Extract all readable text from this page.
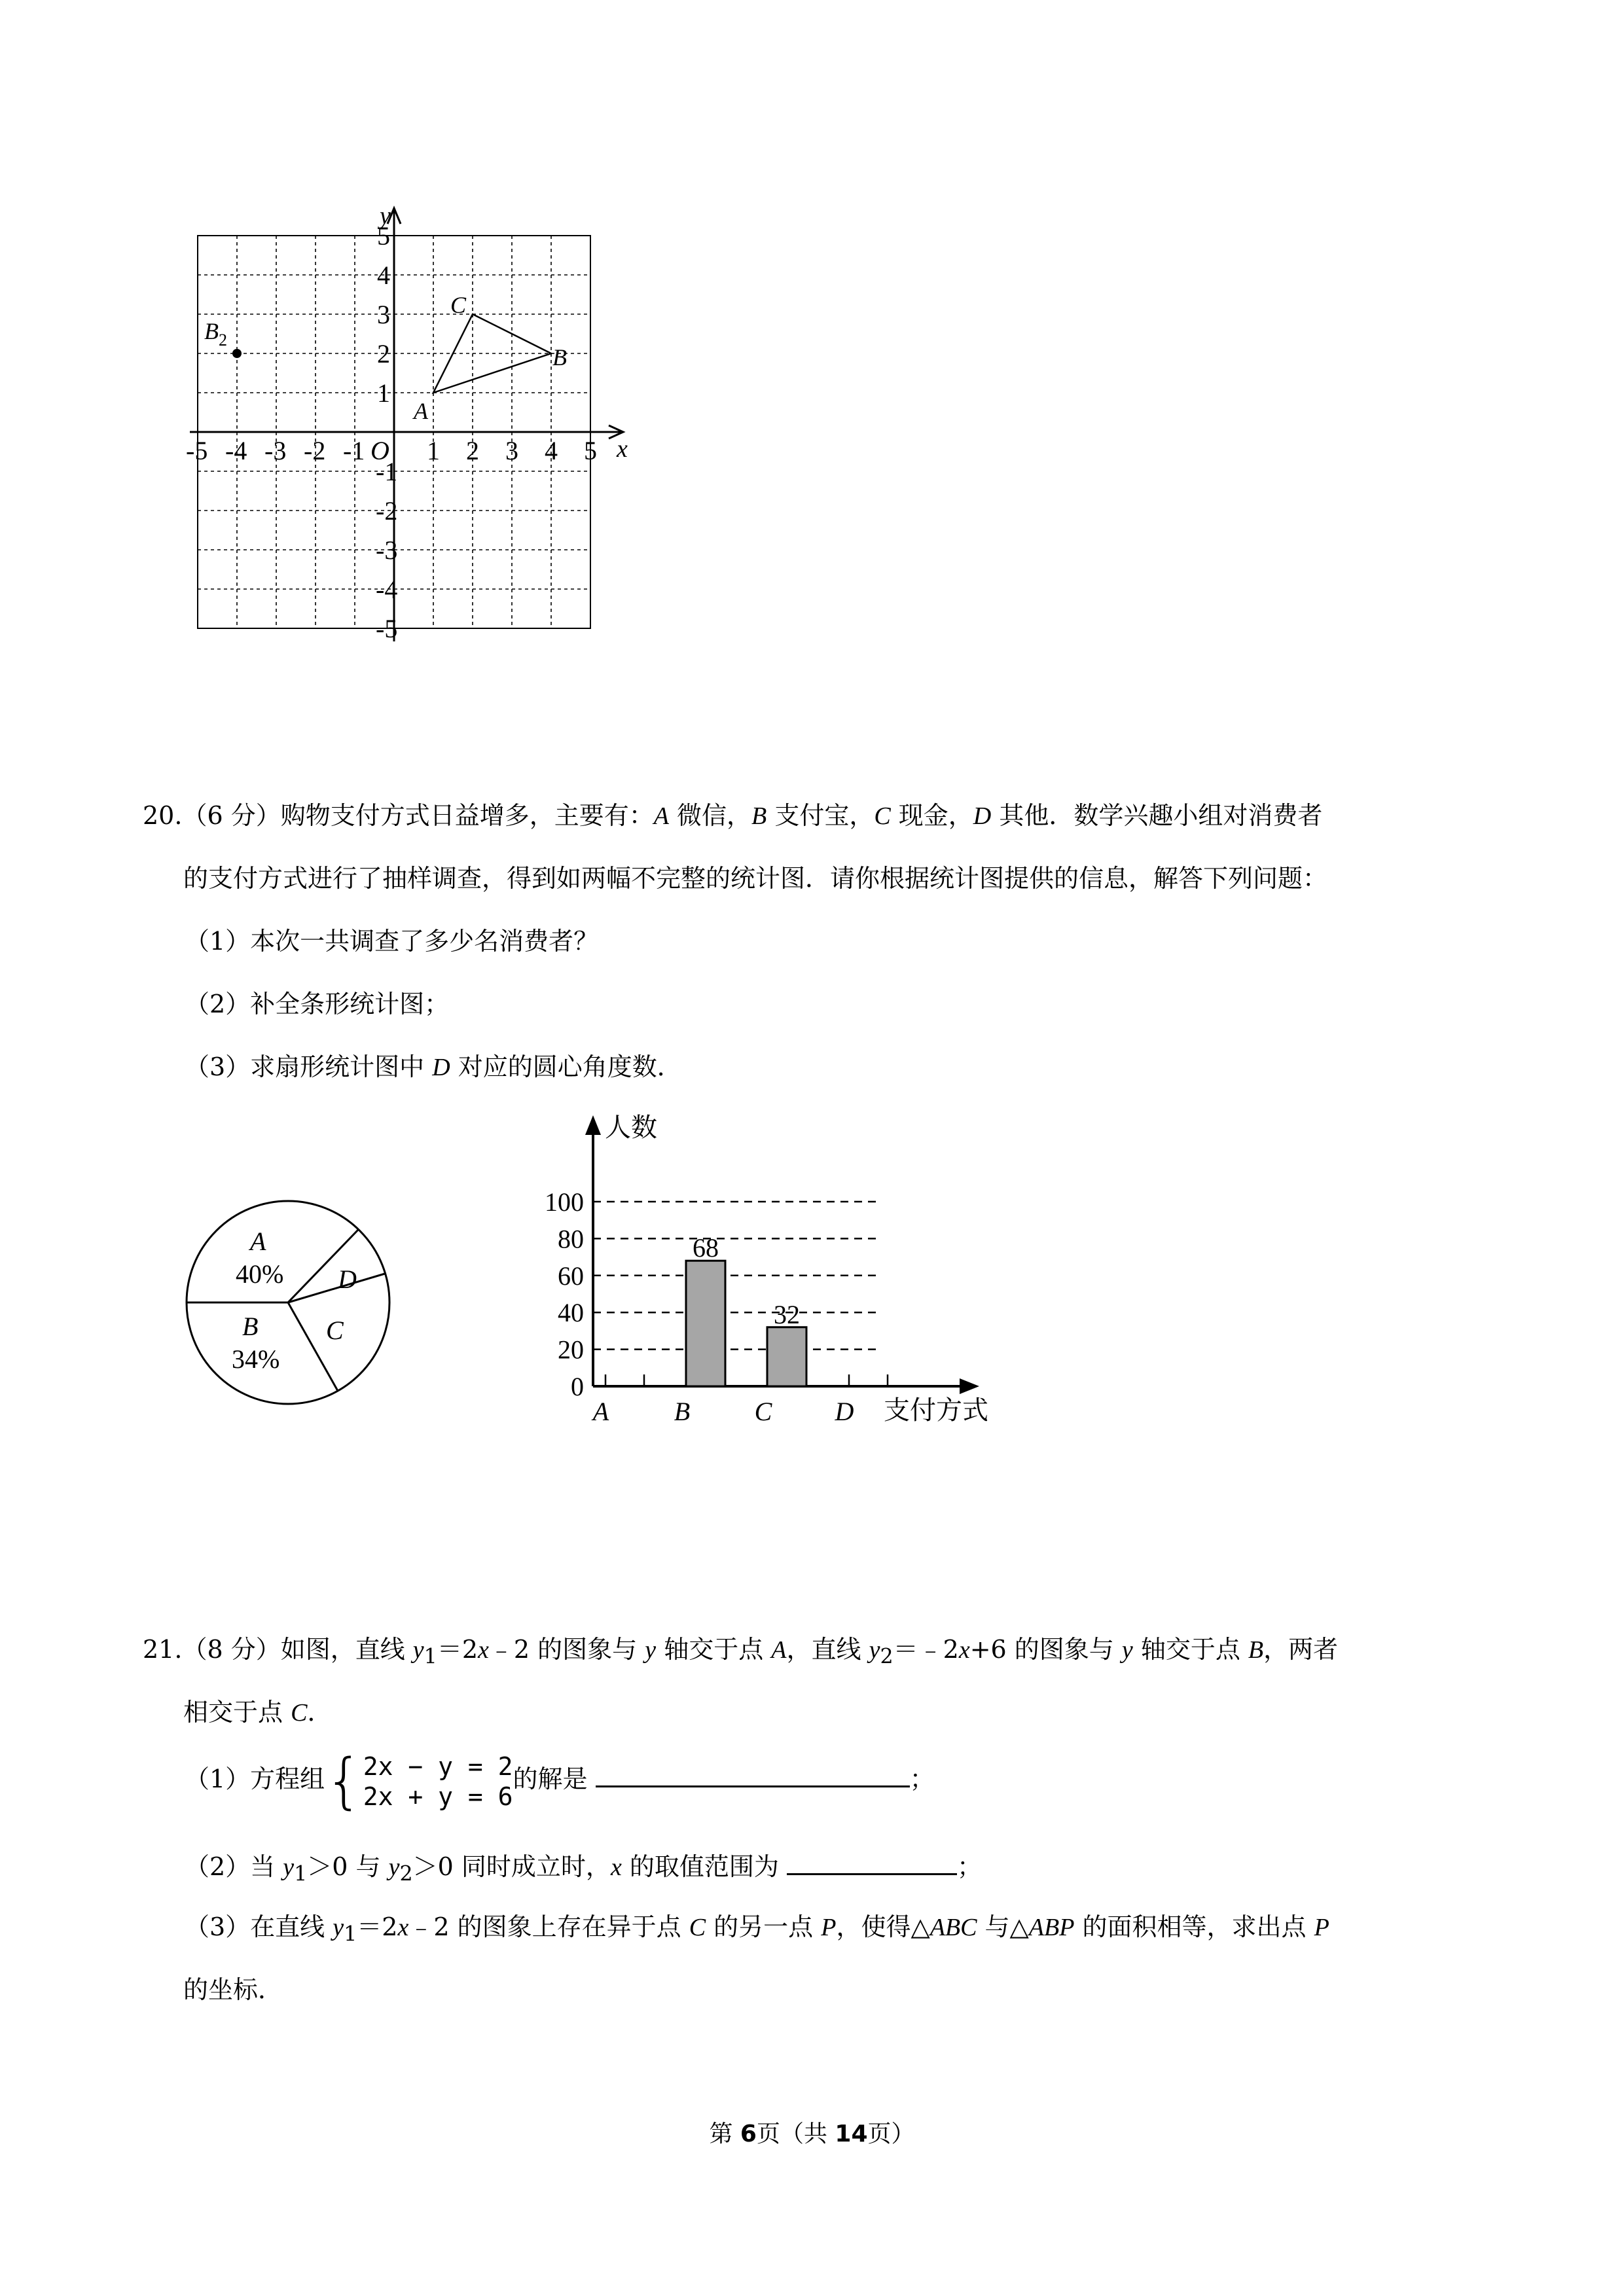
x
y
O
-5 -4 -3 -2 -1 1 2 3 4 5
5
4
3
2
1
-1
-2
-3
-4
-5
A
B
C
$B_2$
20.（6 分）购物支付方式日益增多，主要有：A 微信，B 支付宝，C 现金，D 其他．数学兴趣小组对消费者
的支付方式进行了抽样调查，得到如两幅不完整的统计图．请你根据统计图提供的信息，解答下列问题：
（1）本次一共调查了多少名消费者？
（2）补全条形统计图；
（3）求扇形统计图中 D 对应的圆心角度数．
A
40% D
C
B
34%
人数
支付方式
0
20
40
60
80
100
A
68
B
32
C D
21.（8 分）如图，直线 $y_1=2x﹣2$ 的图象与 y 轴交于点 A，直线 $y_2=﹣2x+6$ 的图象与 y 轴交于点 B，两者
相交于点 C．
（1）方程组{2x − y = 2
2x + y = 6的解是	；
（2）当 $y_1>0$ 与 $y_2>0$ 同时成立时，x 的取值范围为	；
（3）在直线 $y_1=2x﹣2$ 的图象上存在异于点 C 的另一点 P，使得△ABC 与△ABP 的面积相等，求出点 P
的坐标．
第 6页（共 14页）
